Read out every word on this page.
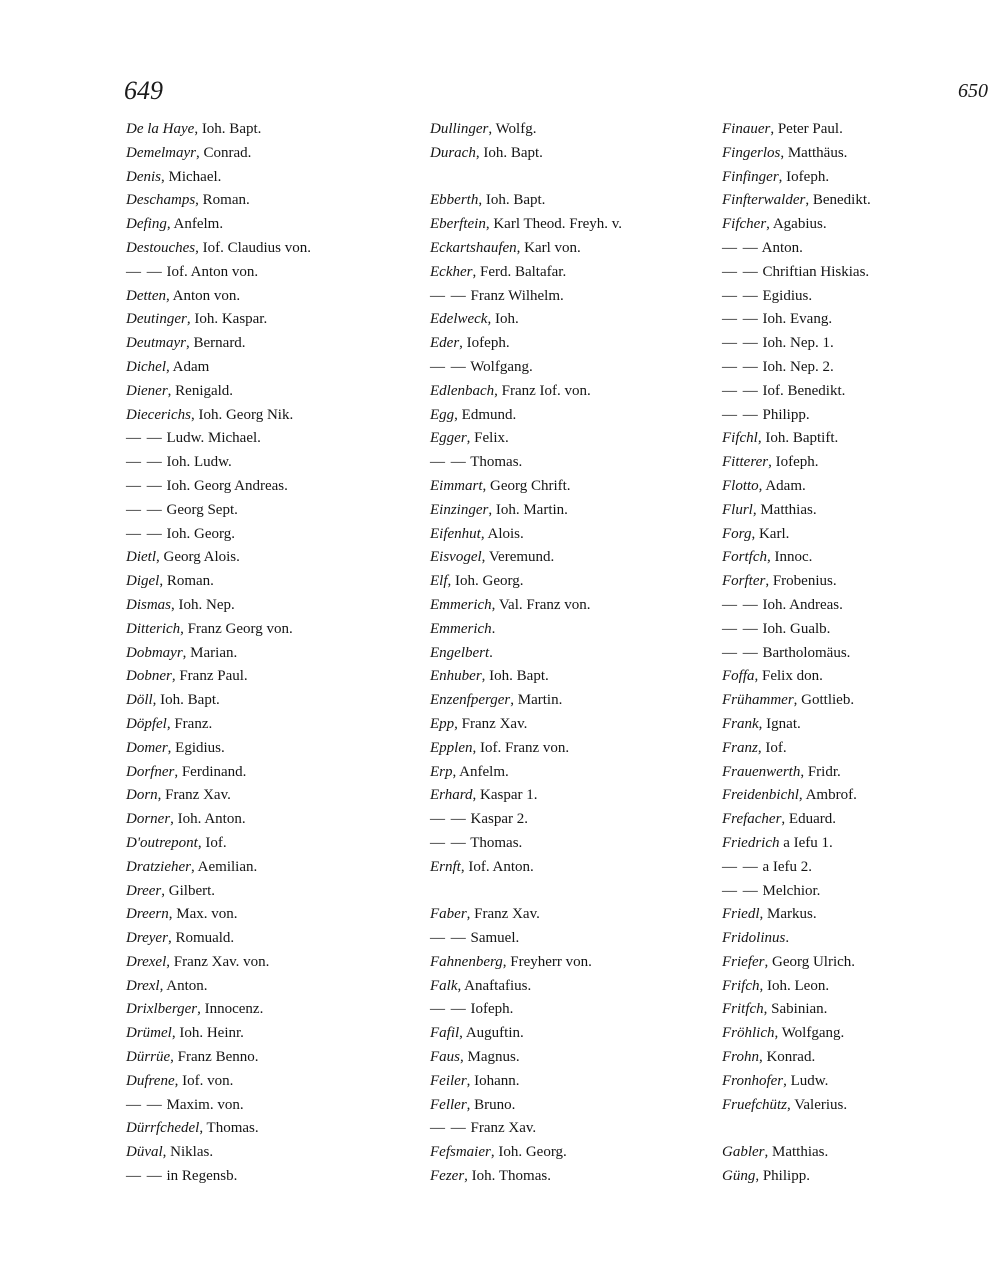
649	650
De la Haye, Ioh. Bapt.
Demelmayr, Conrad.
Denis, Michael.
Deschamps, Roman.
Defing, Anfelm.
Destouches, Iof. Claudius von.
— — Iof. Anton von.
Detten, Anton von.
Deutinger, Ioh. Kaspar.
Deutmayr, Bernard.
Dichel, Adam
Diener, Renigald.
Diecerichs, Ioh. Georg Nik.
— — Ludw. Michael.
— — Ioh. Ludw.
— — Ioh. Georg Andreas.
— — Georg Sept.
— — Ioh. Georg.
Dietl, Georg Alois.
Digel, Roman.
Dismas, Ioh. Nep.
Ditterich, Franz Georg von.
Dobmayr, Marian.
Dobner, Franz Paul.
Döll, Ioh. Bapt.
Döpfel, Franz.
Domer, Egidius.
Dorfner, Ferdinand.
Dorn, Franz Xav.
Dorner, Ioh. Anton.
D'outrepont, Iof.
Dratzieher, Aemilian.
Dreer, Gilbert.
Dreern, Max. von.
Dreyer, Romuald.
Drexel, Franz Xav. von.
Drexl, Anton.
Drixlberger, Innocenz.
Drümel, Ioh. Heinr.
Dürrüe, Franz Benno.
Dufrene, Iof. von.
— — Maxim. von.
Dürrfchedel, Thomas.
Düval, Niklas.
— — in Regensb.
Dullinger, Wolfg.
Durach, Ioh. Bapt.
Ebberth, Ioh. Bapt.
Eberftein, Karl Theod. Freyh. v.
Eckartshaufen, Karl von.
Eckher, Ferd. Baltafar.
— — Franz Wilhelm.
Edelweck, Ioh.
Eder, Iofeph.
— — Wolfgang.
Edlenbach, Franz Iof. von.
Egg, Edmund.
Egger, Felix.
— — Thomas.
Eimmart, Georg Chrift.
Einzinger, Ioh. Martin.
Eifenhut, Alois.
Eisvogel, Veremund.
Elf, Ioh. Georg.
Emmerich, Val. Franz von.
Emmerich.
Engelbert.
Enhuber, Ioh. Bapt.
Enzenfperger, Martin.
Epp, Franz Xav.
Epplen, Iof. Franz von.
Erp, Anfelm.
Erhard, Kaspar 1.
— — Kaspar 2.
— — Thomas.
Ernft, Iof. Anton.
Faber, Franz Xav.
— — Samuel.
Fahnenberg, Freyherr von.
Falk, Anaftafius.
— — Iofeph.
Fafil, Auguftin.
Faus, Magnus.
Feiler, Iohann.
Feller, Bruno.
— — Franz Xav.
Fefsmaier, Ioh. Georg.
Fezer, Ioh. Thomas.
Finauer, Peter Paul.
Fingerlos, Matthäus.
Finfinger, Iofeph.
Finfterwalder, Benedikt.
Fifcher, Agabius.
— — Anton.
— — Chriftian Hiskias.
— — Egidius.
— — Ioh. Evang.
— — Ioh. Nep. 1.
— — Ioh. Nep. 2.
— — Iof. Benedikt.
— — Philipp.
Fifchl, Ioh. Baptift.
Fitterer, Iofeph.
Flotto, Adam.
Flurl, Matthias.
Forg, Karl.
Fortfch, Innoc.
Forfter, Frobenius.
— — Ioh. Andreas.
— — Ioh. Gualb.
— — Bartholomäus.
Foffa, Felix don.
Frühammer, Gottlieb.
Frank, Ignat.
Franz, Iof.
Frauenwerth, Fridr.
Freidenbichl, Ambrof.
Frefacher, Eduard.
Friedrich a Iefu 1.
— — a Iefu 2.
— — Melchior.
Friedl, Markus.
Fridolinus.
Friefer, Georg Ulrich.
Frifch, Ioh. Leon.
Fritfch, Sabinian.
Fröhlich, Wolfgang.
Frohn, Konrad.
Fronhofer, Ludw.
Fruefchütz, Valerius.
Gabler, Matthias.
Güng, Philipp.
